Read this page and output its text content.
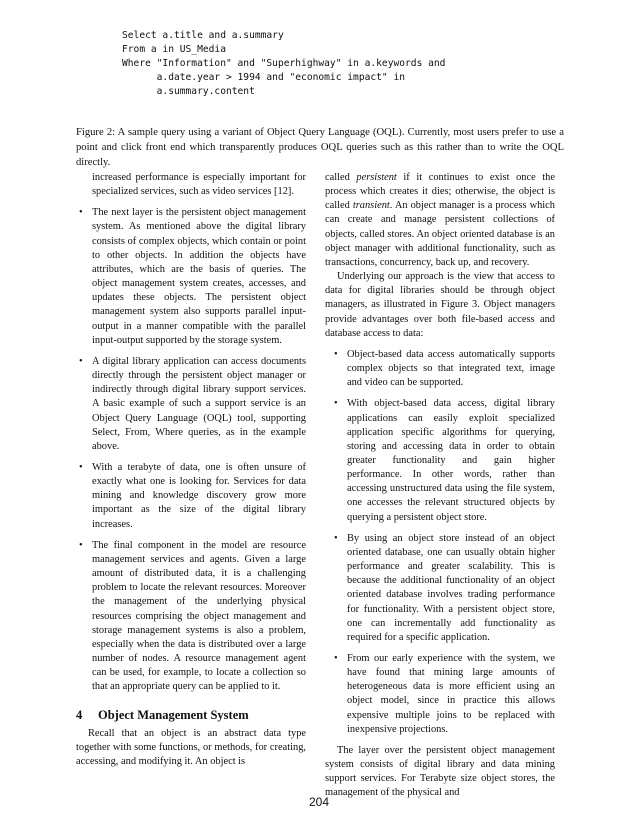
Select a.title and a.summary
From a in US_Media
Where "Information" and "Superhighway" in a.keywords and
a.date.year > 1994 and "economic impact" in
a.summary.content

Figure 2: A sample query using a variant of Object Query Language (OQL). Currently, most users prefer to use a point and click front end which transparently produces OQL queries such as this rather than to write the OQL directly.

increased performance is especially important for specialized services, such as video services [12].

• The next layer is the persistent object management system. As mentioned above the digital library consists of complex objects, which contain or point to other objects. In addition the objects have attributes, which are the basis of queries. The object management system creates, accesses, and updates these objects. The persistent object management system also supports parallel input-output in a manner compatible with the parallel input-output supported by the storage system.
• A digital library application can access documents directly through the persistent object manager or indirectly through digital library support services. A basic example of such a support service is an Object Query Language (OQL) tool, supporting Select, From, Where queries, as in the example above.
• With a terabyte of data, one is often unsure of exactly what one is looking for. Services for data mining and knowledge discovery grow more important as the size of the digital library increases.
• The final component in the model are resource management services and agents. Given a large amount of distributed data, it is a challenging problem to locate the relevant resources. Moreover the management of the underlying physical resources comprising the object management and storage management systems is also a problem, especially when the data is distributed over a large number of nodes. A resource management agent can be used, for example, to locate a collection so that an appropriate query can be applied to it.
4 Object Management System

Recall that an object is an abstract data type together with some functions, or methods, for creating, accessing, and modifying it. An object is

called persistent if it continues to exist once the process which creates it dies; otherwise, the object is called transient. An object manager is a process which can create and manage persistent collections of objects, called stores. An object oriented database is an object manager with additional functionality, such as transactions, concurrency, back up, and recovery.

Underlying our approach is the view that access to data for digital libraries should be through object managers, as illustrated in Figure 3. Object managers provide advantages over both file-based access and database access to data:

• Object-based data access automatically supports complex objects so that integrated text, image and video can be supported.
• With object-based data access, digital library applications can easily exploit specialized application specific algorithms for querying, storing and accessing data in order to obtain greater functionality and gain higher performance. In other words, rather than accessing unstructured data using the file system, one accesses the relevant structured objects by querying a persistent object store.
• By using an object store instead of an object oriented database, one can usually obtain higher performance and greater scalability. This is because the additional functionality of an object oriented database involves trading performance for functionality. With a persistent object store, one can incrementally add functionality as required for a specific application.
• From our early experience with the system, we have found that mining large amounts of heterogeneous data is more efficient using an object model, since in practice this allows expensive multiple joins to be replaced with inexpensive projections.

The layer over the persistent object management system consists of digital library and data mining support services. For Terabyte size object stores, the management of the physical and

204
